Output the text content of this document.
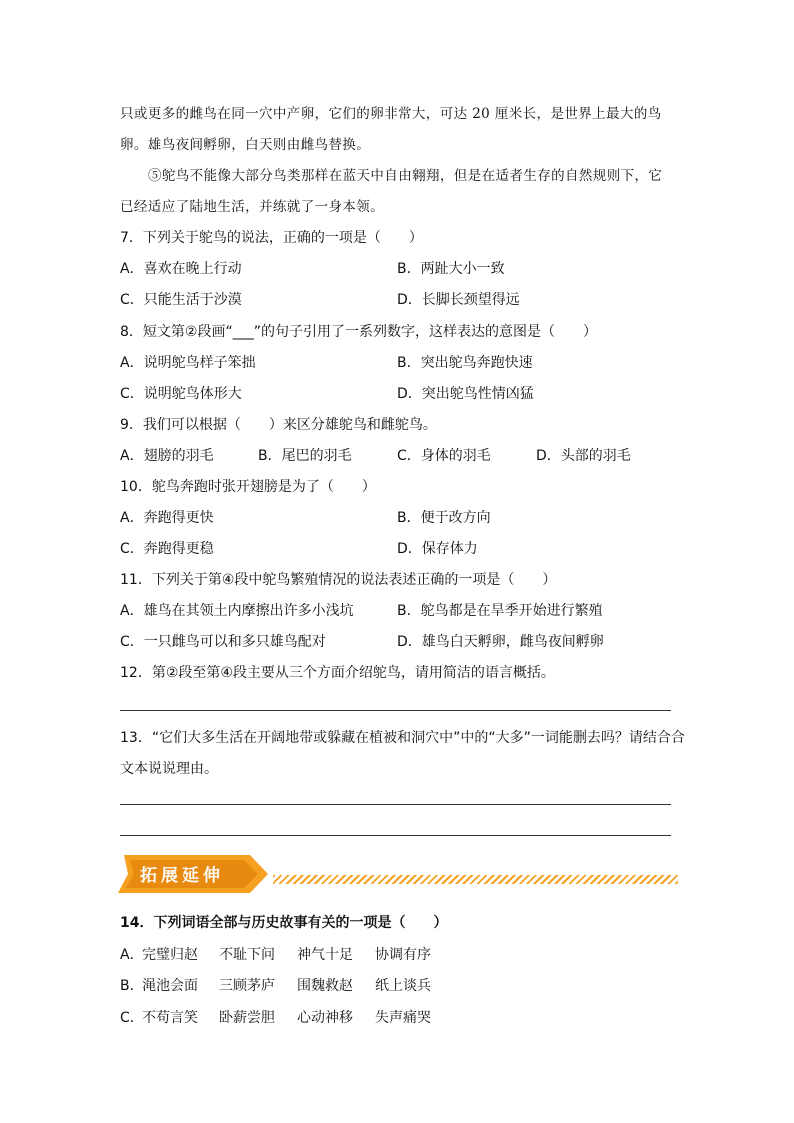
只或更多的雌鸟在同一穴中产卵，它们的卵非常大，可达 20 厘米长，是世界上最大的鸟
卵。雄鸟夜间孵卵，白天则由雌鸟替换。
⑤鸵鸟不能像大部分鸟类那样在蓝天中自由翱翔，但是在适者生存的自然规则下，它
已经适应了陆地生活，并练就了一身本领。
7．下列关于鸵鸟的说法，正确的一项是（　　）
A．喜欢在晚上行动	B．两趾大小一致
C．只能生活于沙漠	D．长脚长颈望得远
8．短文第②段画“___”的句子引用了一系列数字，这样表达的意图是（　　）
A．说明鸵鸟样子笨拙	B．突出鸵鸟奔跑快速
C．说明鸵鸟体形大	D．突出鸵鸟性情凶猛
9．我们可以根据（　　）来区分雄鸵鸟和雌鸵鸟。
A．翅膀的羽毛	B．尾巴的羽毛	C．身体的羽毛	D．头部的羽毛
10．鸵鸟奔跑时张开翅膀是为了（　　）
A．奔跑得更快	B．便于改方向
C．奔跑得更稳	D．保存体力
11．下列关于第④段中鸵鸟繁殖情况的说法表述正确的一项是（　　）
A．雄鸟在其领土内摩擦出许多小浅坑	B．鸵鸟都是在旱季开始进行繁殖
C．一只雌鸟可以和多只雄鸟配对	D．雄鸟白天孵卵，雌鸟夜间孵卵
12．第②段至第④段主要从三个方面介绍鸵鸟，请用简洁的语言概括。
13．“它们大多生活在开阔地带或躲藏在植被和洞穴中”中的“大多”一词能删去吗？请结合合
文本说说理由。
拓展延伸
14．下列词语全部与历史故事有关的一项是（　　）
A．
完璧归赵 不耻下问 神气十足 协调有序
B．
渑池会面 三顾茅庐 围魏救赵 纸上谈兵
C．
不苟言笑 卧薪尝胆 心动神移 失声痛哭
